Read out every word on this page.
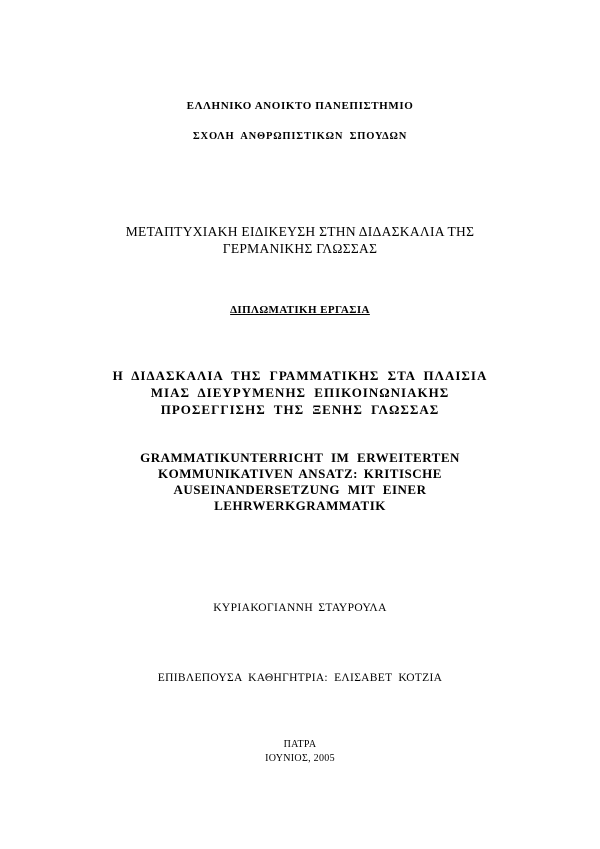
ΕΛΛΗΝΙΚΟ ΑΝΟΙΚΤΟ ΠΑΝΕΠΙΣΤΗΜΙΟ
ΣΧΟΛΗ ΑΝΘΡΩΠΙΣΤΙΚΩΝ ΣΠΟΥΔΩΝ
ΜΕΤΑΠΤΥΧΙΑΚΗ ΕΙΔΙΚΕΥΣΗ ΣΤΗΝ ΔΙΔΑΣΚΑΛΙΑ ΤΗΣ
ΓΕΡΜΑΝΙΚΗΣ ΓΛΩΣΣΑΣ
ΔΙΠΛΩΜΑΤΙΚΗ ΕΡΓΑΣΙΑ
Η ΔΙΔΑΣΚΑΛΙΑ ΤΗΣ ΓΡΑΜΜΑΤΙΚΗΣ ΣΤΑ ΠΛΑΙΣΙΑ
ΜΙΑΣ ΔΙΕΥΡΥΜΕΝΗΣ ΕΠΙΚΟΙΝΩΝΙΑΚΗΣ
ΠΡΟΣΕΓΓΙΣΗΣ ΤΗΣ ΞΕΝΗΣ ΓΛΩΣΣΑΣ
GRAMMATIKUNTERRICHT IM ERWEITERTEN
KOMMUNIKATIVEN ANSATZ: KRITISCHE
AUSEINANDERSETZUNG MIT EINER
LEHRWERKGRAMMATIK
ΚΥΡΙΑΚΟΓΙΑΝΝΗ ΣΤΑΥΡΟΥΛΑ
ΕΠΙΒΛΕΠΟΥΣΑ ΚΑΘΗΓΗΤΡΙΑ: ΕΛΙΣΑΒΕΤ ΚΟΤΖΙΑ
ΠΑΤΡΑ
ΙΟΥΝΙΟΣ, 2005
